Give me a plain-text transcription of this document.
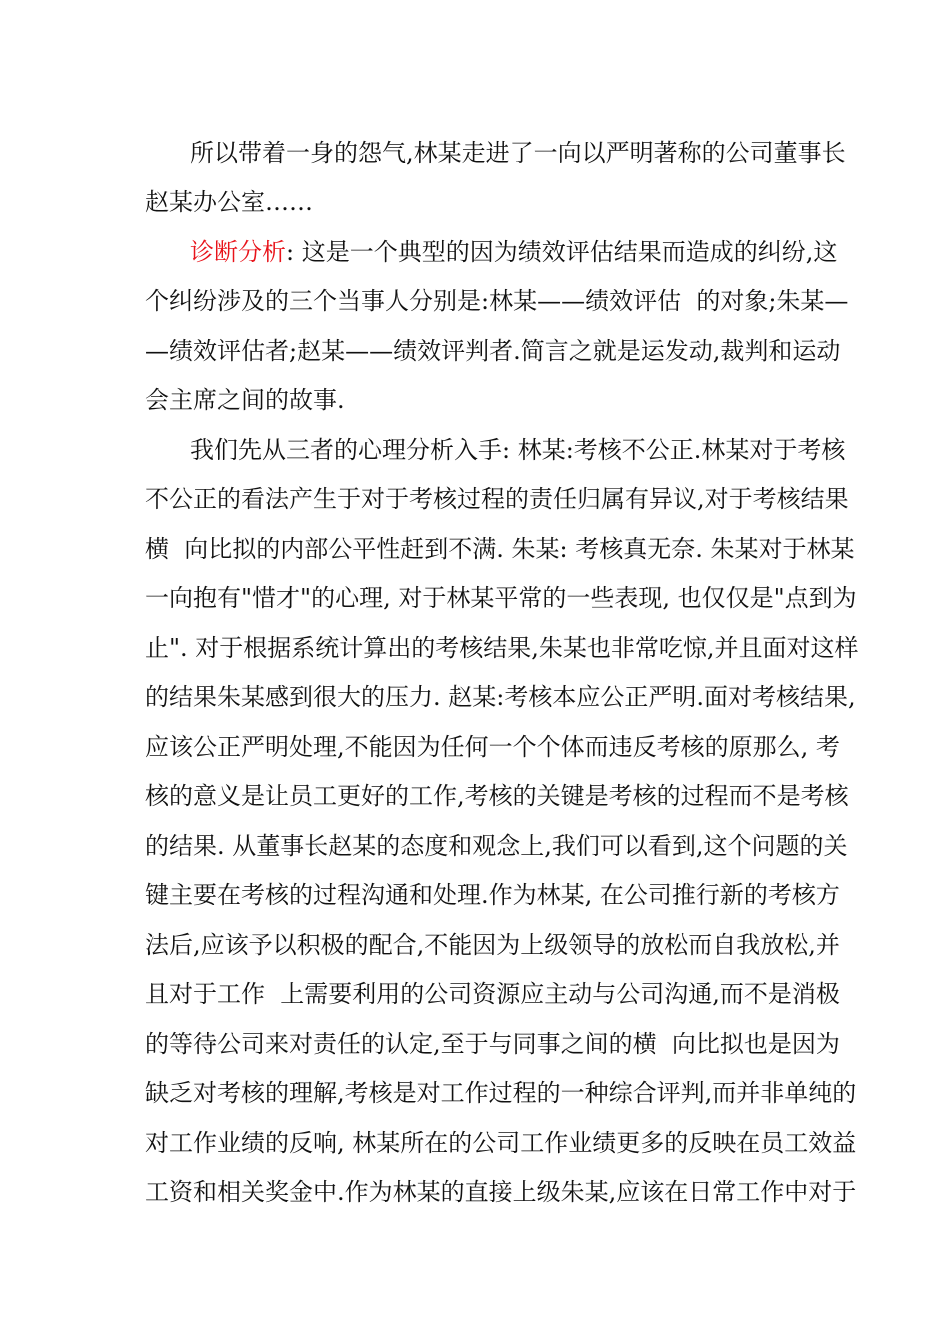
所以带着一身的怨气,林某走进了一向以严明著称的公司董事长

赵某办公室……

诊断分析: 这是一个典型的因为绩效评估结果而造成的纠纷,这

个纠纷涉及的三个当事人分别是:林某——绩效评估  的对象;朱某—

—绩效评估者;赵某——绩效评判者.简言之就是运发动,裁判和运动

会主席之间的故事.

我们先从三者的心理分析入手: 林某:考核不公正.林某对于考核

不公正的看法产生于对于考核过程的责任归属有异议,对于考核结果

横  向比拟的内部公平性赶到不满. 朱某: 考核真无奈. 朱某对于林某

一向抱有"惜才"的心理, 对于林某平常的一些表现, 也仅仅是"点到为

止". 对于根据系统计算出的考核结果,朱某也非常吃惊,并且面对这样

的结果朱某感到很大的压力. 赵某:考核本应公正严明.面对考核结果,

应该公正严明处理,不能因为任何一个个体而违反考核的原那么, 考

核的意义是让员工更好的工作,考核的关键是考核的过程而不是考核

的结果. 从董事长赵某的态度和观念上,我们可以看到,这个问题的关

键主要在考核的过程沟通和处理.作为林某, 在公司推行新的考核方

法后,应该予以积极的配合,不能因为上级领导的放松而自我放松,并

且对于工作  上需要利用的公司资源应主动与公司沟通,而不是消极

的等待公司来对责任的认定,至于与同事之间的横  向比拟也是因为

缺乏对考核的理解,考核是对工作过程的一种综合评判,而并非单纯的

对工作业绩的反响, 林某所在的公司工作业绩更多的反映在员工效益

工资和相关奖金中.作为林某的直接上级朱某,应该在日常工作中对于
